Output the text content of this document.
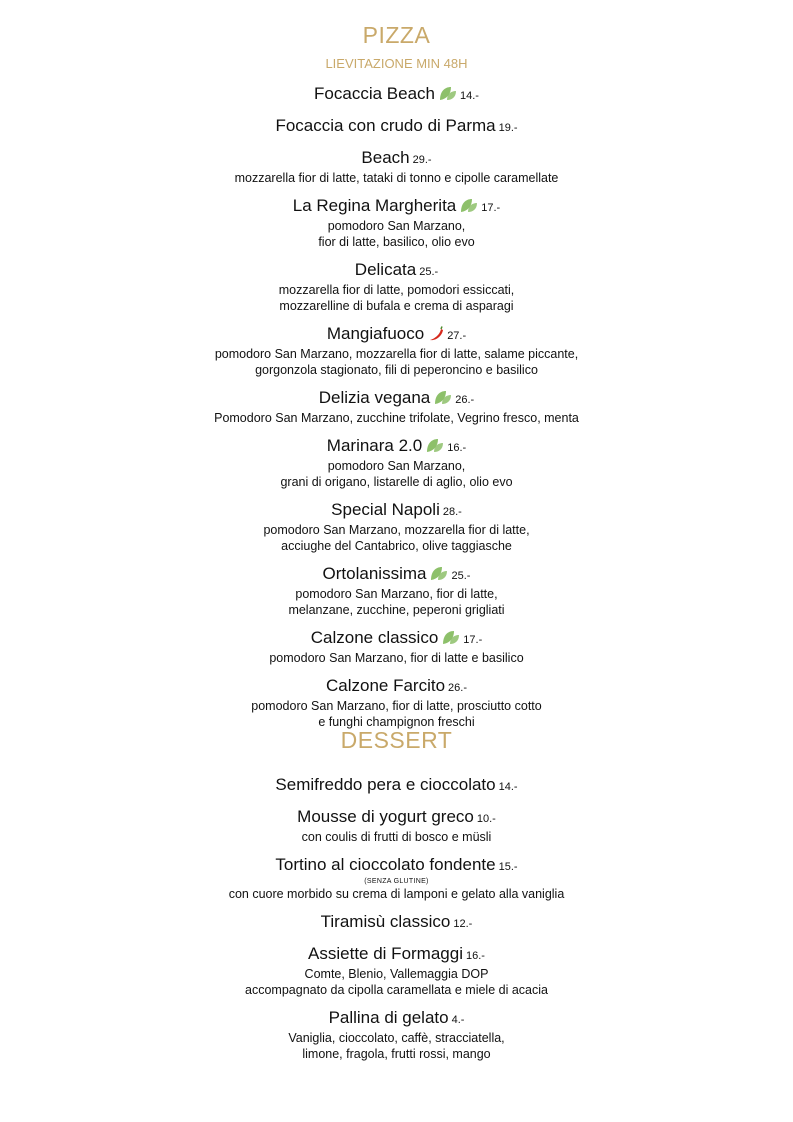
PIZZA
LIEVITAZIONE MIN 48H
Focaccia Beach 14.-
Focaccia con crudo di Parma 19.-
Beach 29.-
mozzarella fior di latte, tataki di tonno e cipolle caramellate
La Regina Margherita 17.-
pomodoro San Marzano,
fior di latte, basilico, olio evo
Delicata 25.-
mozzarella fior di latte, pomodori essiccati,
mozzarelline di bufala e crema di asparagi
Mangiafuoco 27.-
pomodoro San Marzano, mozzarella fior di latte, salame piccante,
gorgonzola stagionato, fili di peperoncino e basilico
Delizia vegana 26.-
Pomodoro San Marzano, zucchine trifolate, Vegrino fresco, menta
Marinara 2.0 16.-
pomodoro San Marzano,
grani di origano, listarelle di aglio, olio evo
Special Napoli 28.-
pomodoro San Marzano, mozzarella fior di latte,
acciughe del Cantabrico, olive taggiasche
Ortolanissima 25.-
pomodoro San Marzano, fior di latte,
melanzane, zucchine, peperoni grigliati
Calzone classico 17.-
pomodoro San Marzano, fior di latte e basilico
Calzone Farcito 26.-
pomodoro San Marzano, fior di latte, prosciutto cotto
e funghi champignon freschi
DESSERT
Semifreddo pera e cioccolato 14.-
Mousse di yogurt greco 10.-
con coulis di frutti di bosco e müsli
Tortino al cioccolato fondente 15.-
(SENZA GLUTINE)
con cuore morbido su crema di lamponi e gelato alla vaniglia
Tiramisù classico 12.-
Assiette di Formaggi 16.-
Comte, Blenio, Vallemaggia DOP
accompagnato da cipolla caramellata e miele di acacia
Pallina di gelato 4.-
Vaniglia, cioccolato, caffè, stracciatella,
limone, fragola, frutti rossi, mango
